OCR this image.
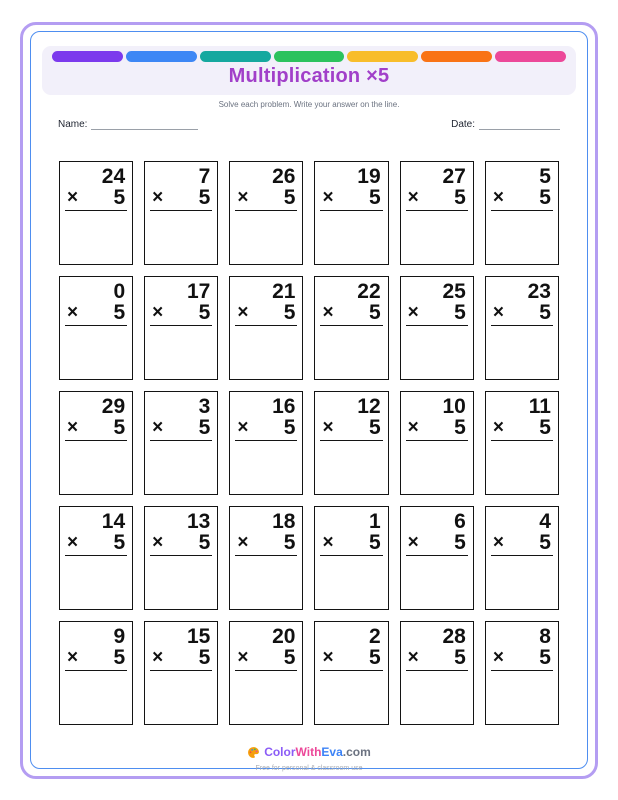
Multiplication ×5

Solve each problem. Write your answer on the line.

Name:	Date:
24
× 5
7
× 5
26
× 5
19
× 5
27
× 5
5
× 5
0
× 5
17
× 5
21
× 5
22
× 5
25
× 5
23
× 5
29
× 5
3
× 5
16
× 5
12
× 5
10
× 5
11
× 5
14
× 5
13
× 5
18
× 5
1
× 5
6
× 5
4
× 5
9
× 5
15
× 5
20
× 5
2
× 5
28
× 5
8
× 5
ColorWithEva.com
Free for personal & classroom use
